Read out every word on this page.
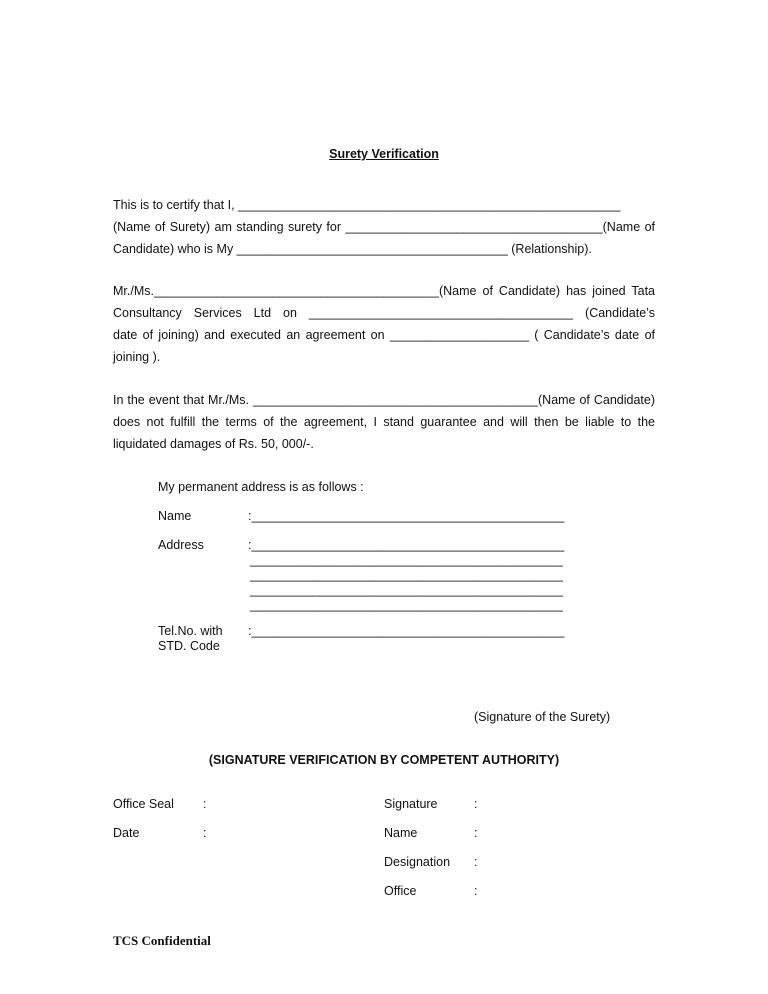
Surety Verification
This is to certify that I, _______________________________________________________
(Name of Surety) am standing surety for _____________________________________(Name of
Candidate) who is My _______________________________________ (Relationship).
Mr./Ms._________________________________________(Name of Candidate) has joined Tata
Consultancy Services Ltd on ______________________________________ (Candidate’s
date of joining) and executed an agreement on ____________________ ( Candidate’s date of
joining ).
In the event that Mr./Ms. _________________________________________(Name of Candidate)
does not fulfill the terms of the agreement, I stand guarantee and will then be liable to the
liquidated damages of Rs. 50, 000/-.
My permanent address is as follows :
Name	:_____________________________________________
Address	:_____________________________________________
_____________________________________________
_____________________________________________
_____________________________________________
_____________________________________________
Tel.No. with
STD. Code
:_____________________________________________
(Signature of the Surety)
(SIGNATURE VERIFICATION BY COMPETENT AUTHORITY)
Office Seal :
Date	:
Signature	:
Name	:
Designation :
Office	:
TCS Confidential
